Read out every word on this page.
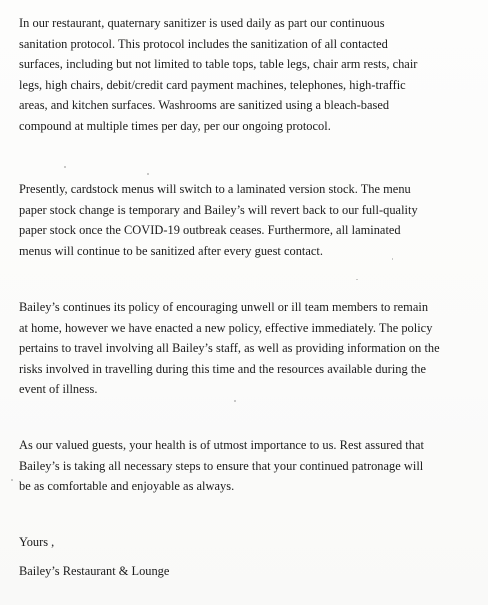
In our restaurant, quaternary sanitizer is used daily as part our continuous
sanitation protocol. This protocol includes the sanitization of all contacted
surfaces, including but not limited to table tops, table legs, chair arm rests, chair
legs, high chairs, debit/credit card payment machines, telephones, high-traffic
areas, and kitchen surfaces. Washrooms are sanitized using a bleach-based
compound at multiple times per day, per our ongoing protocol.

Presently, cardstock menus will switch to a laminated version stock. The menu
paper stock change is temporary and Bailey’s will revert back to our full-quality
paper stock once the COVID-19 outbreak ceases. Furthermore, all laminated
menus will continue to be sanitized after every guest contact.

Bailey’s continues its policy of encouraging unwell or ill team members to remain
at home, however we have enacted a new policy, effective immediately. The policy
pertains to travel involving all Bailey’s staff, as well as providing information on the
risks involved in travelling during this time and the resources available during the
event of illness.

As our valued guests, your health is of utmost importance to us. Rest assured that
Bailey’s is taking all necessary steps to ensure that your continued patronage will
be as comfortable and enjoyable as always.

Yours ,

Bailey’s Restaurant & Lounge
